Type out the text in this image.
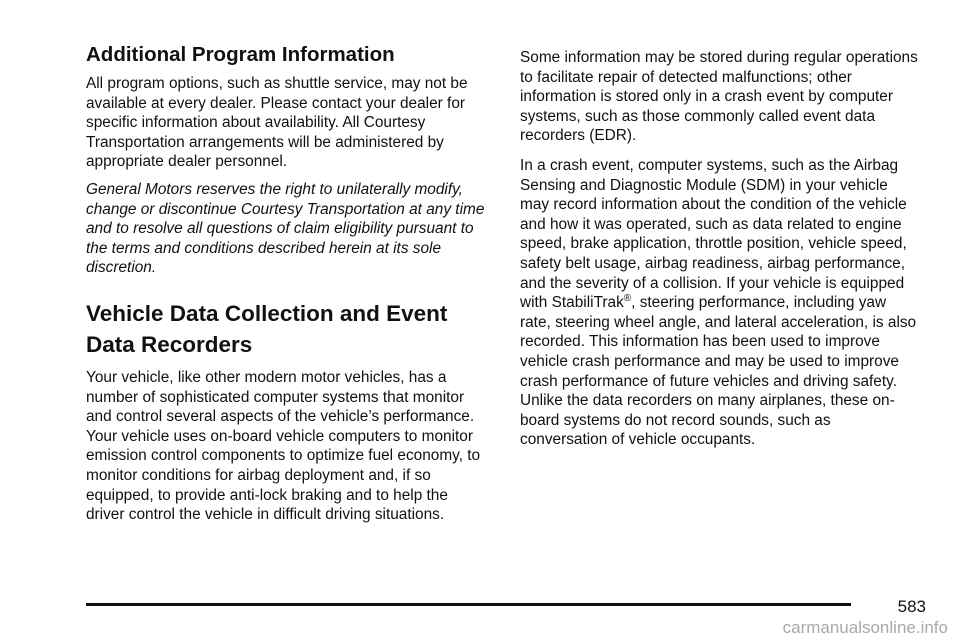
Additional Program Information

All program options, such as shuttle service, may not be available at every dealer. Please contact your dealer for specific information about availability. All Courtesy Transportation arrangements will be administered by appropriate dealer personnel.

General Motors reserves the right to unilaterally modify, change or discontinue Courtesy Transportation at any time and to resolve all questions of claim eligibility pursuant to the terms and conditions described herein at its sole discretion.

Vehicle Data Collection and Event
Data Recorders

Your vehicle, like other modern motor vehicles, has a number of sophisticated computer systems that monitor and control several aspects of the vehicle’s performance. Your vehicle uses on-board vehicle computers to monitor emission control components to optimize fuel economy, to monitor conditions for airbag deployment and, if so equipped, to provide anti-lock braking and to help the driver control the vehicle in difficult driving situations.

Some information may be stored during regular operations to facilitate repair of detected malfunctions; other information is stored only in a crash event by computer systems, such as those commonly called event data recorders (EDR).

In a crash event, computer systems, such as the Airbag Sensing and Diagnostic Module (SDM) in your vehicle may record information about the condition of the vehicle and how it was operated, such as data related to engine speed, brake application, throttle position, vehicle speed, safety belt usage, airbag readiness, airbag performance, and the severity of a collision. If your vehicle is equipped with StabiliTrak®, steering performance, including yaw rate, steering wheel angle, and lateral acceleration, is also recorded. This information has been used to improve vehicle crash performance and may be used to improve crash performance of future vehicles and driving safety. Unlike the data recorders on many airplanes, these on-board systems do not record sounds, such as conversation of vehicle occupants.

583
carmanualsonline.info
